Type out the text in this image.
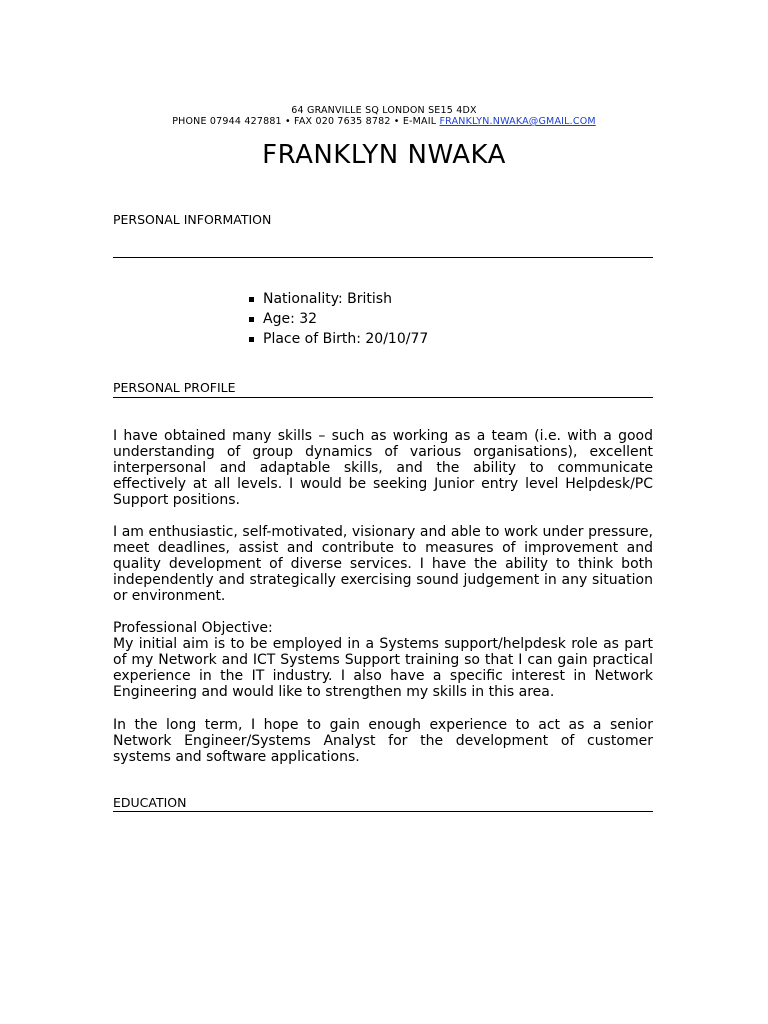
64 GRANVILLE SQ LONDON SE15 4DX
PHONE 07944 427881 • FAX 020 7635 8782 • E-MAIL FRANKLYN.NWAKA@GMAIL.COM
FRANKLYN NWAKA
PERSONAL INFORMATION
Nationality: British
Age: 32
Place of Birth: 20/10/77
PERSONAL PROFILE

I have obtained many skills – such as working as a team (i.e. with a good understanding of group dynamics of various organisations), excellent interpersonal and adaptable skills, and the ability to communicate effectively at all levels. I would be seeking Junior entry level Helpdesk/PC Support positions.

I am enthusiastic, self-motivated, visionary and able to work under pressure, meet deadlines, assist and contribute to measures of improvement and quality development of diverse services. I have the ability to think both independently and strategically exercising sound judgement in any situation or environment.

Professional Objective:
My initial aim is to be employed in a Systems support/helpdesk role as part of my Network and ICT Systems Support training so that I can gain practical experience in the IT industry. I also have a specific interest in Network Engineering and would like to strengthen my skills in this area.

In the long term, I hope to gain enough experience to act as a senior Network Engineer/Systems Analyst for the development of customer systems and software applications.

EDUCATION
